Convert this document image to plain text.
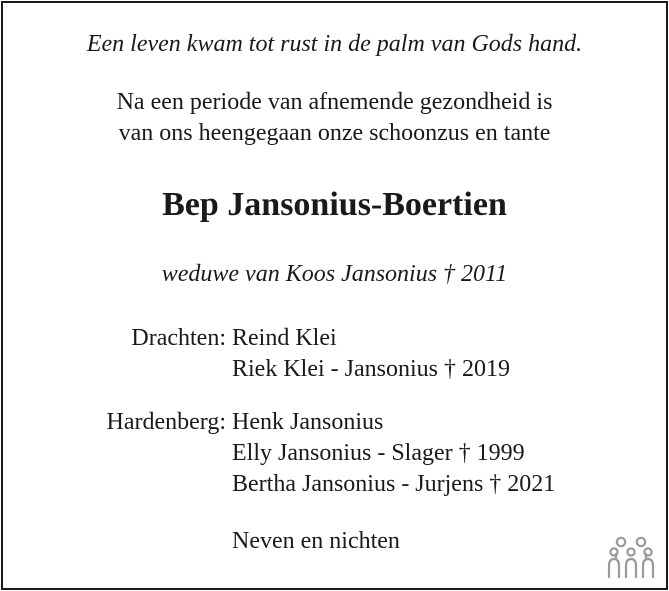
Een leven kwam tot rust in de palm van Gods hand.
Na een periode van afnemende gezondheid is
van ons heengegaan onze schoonzus en tante
Bep Jansonius-Boertien
weduwe van Koos Jansonius † 2011
Drachten: Reind Klei
Riek Klei - Jansonius † 2019
Hardenberg: Henk Jansonius
Elly Jansonius - Slager † 1999
Bertha Jansonius - Jurjens † 2021
Neven en nichten
